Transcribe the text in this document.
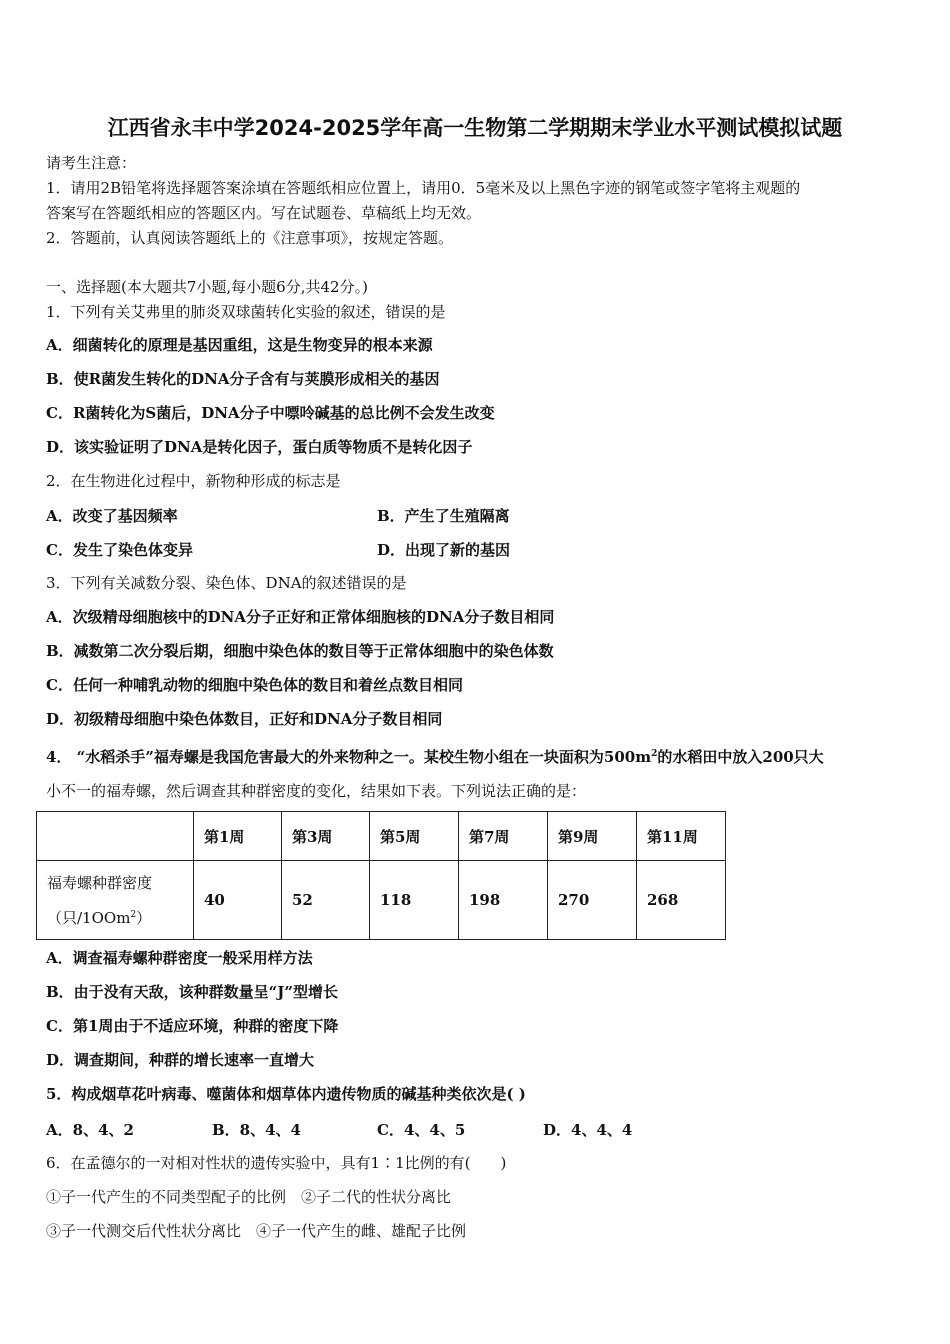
江西省永丰中学2024-2025学年高一生物第二学期期末学业水平测试模拟试题
请考生注意：
1．请用2B铅笔将选择题答案涂填在答题纸相应位置上，请用0．5毫米及以上黑色字迹的钢笔或签字笔将主观题的
答案写在答题纸相应的答题区内。写在试题卷、草稿纸上均无效。
2．答题前，认真阅读答题纸上的《注意事项》，按规定答题。
一、选择题(本大题共7小题,每小题6分,共42分。)
1．下列有关艾弗里的肺炎双球菌转化实验的叙述，错误的是
A．细菌转化的原理是基因重组，这是生物变异的根本来源
B．使R菌发生转化的DNA分子含有与荚膜形成相关的基因
C．R菌转化为S菌后，DNA分子中嘌呤碱基的总比例不会发生改变
D．该实验证明了DNA是转化因子，蛋白质等物质不是转化因子
2．在生物进化过程中，新物种形成的标志是
A．改变了基因频率	B．产生了生殖隔离
C．发生了染色体变异	D．出现了新的基因
3．下列有关减数分裂、染色体、DNA的叙述错误的是
A．次级精母细胞核中的DNA分子正好和正常体细胞核的DNA分子数目相同
B．减数第二次分裂后期，细胞中染色体的数目等于正常体细胞中的染色体数
C．任何一种哺乳动物的细胞中染色体的数目和着丝点数目相同
D．初级精母细胞中染色体数目，正好和DNA分子数目相同
4． “水稻杀手”福寿螺是我国危害最大的外来物种之一。某校生物小组在一块面积为$500m^2$的水稻田中放入200只大
小不一的福寿螺，然后调查其种群密度的变化，结果如下表。下列说法正确的是：
	第1周	第3周	第5周	第7周	第9周	第11周

福寿螺种群密度
（只/1OOm$^2$）	40	52	118	198	270	268
A．调查福寿螺种群密度一般采用样方法
B．由于没有天敌，该种群数量呈“J”型增长
C．第1周由于不适应环境，种群的密度下降
D．调查期间，种群的增长速率一直增大
5．构成烟草花叶病毒、噬菌体和烟草体内遗传物质的碱基种类依次是( )
A．8、4、2	B．8、4、4	C．4、4、5	D．4、4、4
6．在孟德尔的一对相对性状的遗传实验中，具有1∶1比例的有(　　)
①子一代产生的不同类型配子的比例　②子二代的性状分离比
③子一代测交后代性状分离比　④子一代产生的雌、雄配子比例
